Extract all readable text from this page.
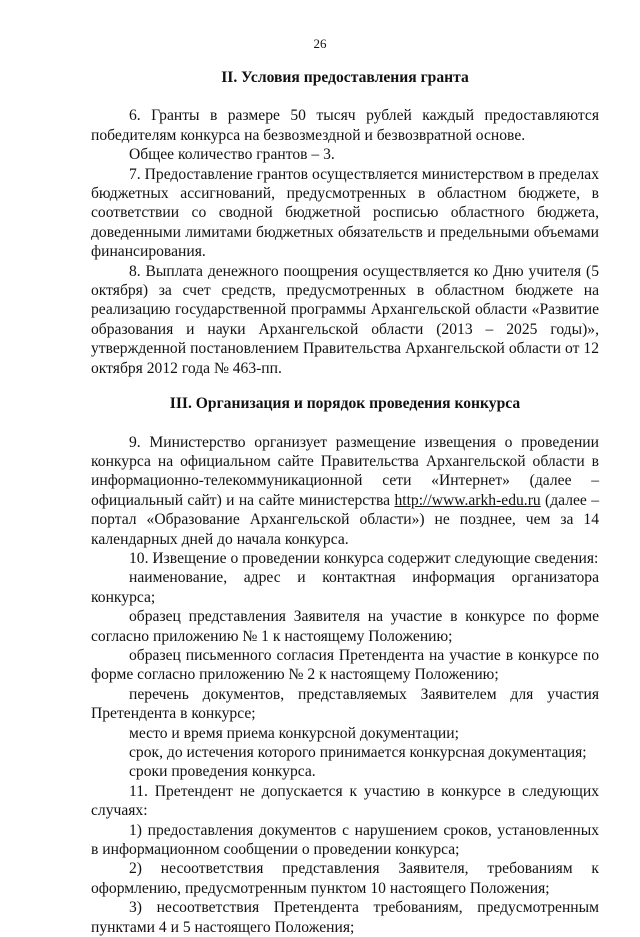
26
II. Условия предоставления гранта

6. Гранты в размере 50 тысяч рублей каждый предоставляются победителям конкурса на безвозмездной и безвозвратной основе.

Общее количество грантов – 3.

7. Предоставление грантов осуществляется министерством в пределах бюджетных ассигнований, предусмотренных в областном бюджете, в соответствии со сводной бюджетной росписью областного бюджета, доведенными лимитами бюджетных обязательств и предельными объемами финансирования.

8. Выплата денежного поощрения осуществляется ко Дню учителя (5 октября) за счет средств, предусмотренных в областном бюджете на реализацию государственной программы Архангельской области «Развитие образования и науки Архангельской области (2013 – 2025 годы)», утвержденной постановлением Правительства Архангельской области от 12 октября 2012 года № 463-пп.

III. Организация и порядок проведения конкурса

9. Министерство организует размещение извещения о проведении конкурса на официальном сайте Правительства Архангельской области в информационно-телекоммуникационной сети «Интернет» (далее – официальный сайт) и на сайте министерства http://www.arkh-edu.ru (далее – портал «Образование Архангельской области») не позднее, чем за 14 календарных дней до начала конкурса.

10. Извещение о проведении конкурса содержит следующие сведения:

наименование, адрес и контактная информация организатора конкурса;

образец представления Заявителя на участие в конкурсе по форме согласно приложению № 1 к настоящему Положению;

образец письменного согласия Претендента на участие в конкурсе по форме согласно приложению № 2 к настоящему Положению;

перечень документов, представляемых Заявителем для участия Претендента в конкурсе;

место и время приема конкурсной документации;

срок, до истечения которого принимается конкурсная документация;

сроки проведения конкурса.

11. Претендент не допускается к участию в конкурсе в следующих случаях:

1) предоставления документов с нарушением сроков, установленных в информационном сообщении о проведении конкурса;

2) несоответствия представления Заявителя, требованиям к оформлению, предусмотренным пунктом 10 настоящего Положения;

3) несоответствия Претендента требованиям, предусмотренным пунктами 4 и 5 настоящего Положения;
